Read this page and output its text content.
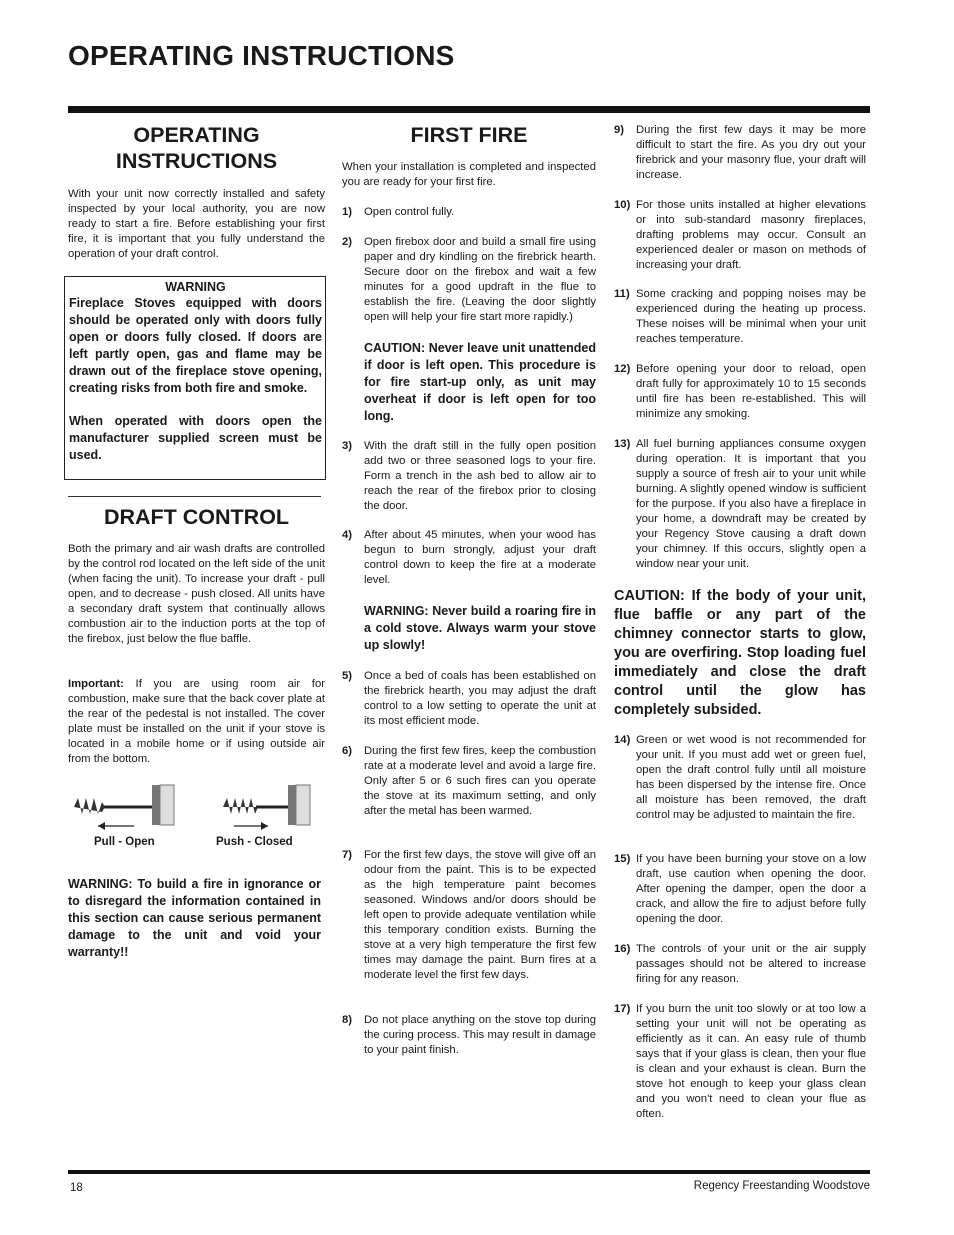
OPERATING INSTRUCTIONS
OPERATING INSTRUCTIONS

With your unit now correctly installed and safety inspected by your local authority, you are now ready to start a fire. Before establishing your first fire, it is important that you fully understand the operation of your draft control.

WARNING

Fireplace Stoves equipped with doors should be operated only with doors fully open or doors fully closed. If doors are left partly open, gas and flame may be drawn out of the fireplace stove opening, creating risks from both fire and smoke.

When operated with doors open the manufacturer supplied screen must be used.

DRAFT CONTROL

Both the primary and air wash drafts are controlled by the control rod located on the left side of the unit (when facing the unit). To increase your draft - pull open, and to decrease - push closed. All units have a secondary draft system that continually allows combustion air to the induction ports at the top of the firebox, just below the flue baffle.

Important: If you are using room air for combustion, make sure that the back cover plate at the rear of the pedestal is not installed. The cover plate must be installed on the unit if your stove is located in a mobile home or if using outside air from the bottom.

Pull - Open	Push - Closed

WARNING: To build a fire in ignorance or to disregard the information contained in this section can cause serious permanent damage to the unit and void your warranty!!

FIRST FIRE

When your installation is completed and inspected you are ready for your first fire.

1) Open control fully.

2) Open firebox door and build a small fire using paper and dry kindling on the firebrick hearth. Secure door on the firebox and wait a few minutes for a good updraft in the flue to establish the fire. (Leaving the door slightly open will help your fire start more rapidly.)

CAUTION: Never leave unit unattended if door is left open. This procedure is for fire start-up only, as unit may overheat if door is left open for too long.

3) With the draft still in the fully open position add two or three seasoned logs to your fire. Form a trench in the ash bed to allow air to reach the rear of the firebox prior to closing the door.

4) After about 45 minutes, when your wood has begun to burn strongly, adjust your draft control down to keep the fire at a moderate level.

WARNING: Never build a roaring fire in a cold stove. Always warm your stove up slowly!

5) Once a bed of coals has been established on the firebrick hearth, you may adjust the draft control to a low setting to operate the unit at its most efficient mode.

6) During the first few fires, keep the combustion rate at a moderate level and avoid a large fire. Only after 5 or 6 such fires can you operate the stove at its maximum setting, and only after the metal has been warmed.

7) For the first few days, the stove will give off an odour from the paint. This is to be expected as the high temperature paint becomes seasoned. Windows and/or doors should be left open to provide adequate ventilation while this temporary condition exists. Burning the stove at a very high temperature the first few times may damage the paint. Burn fires at a moderate level the first few days.

8) Do not place anything on the stove top during the curing process. This may result in damage to your paint finish.

9) During the first few days it may be more difficult to start the fire. As you dry out your firebrick and your masonry flue, your draft will increase.

10) For those units installed at higher elevations or into sub-standard masonry fireplaces, drafting problems may occur. Consult an experienced dealer or mason on methods of increasing your draft.

11) Some cracking and popping noises may be experienced during the heating up process. These noises will be minimal when your unit reaches temperature.

12) Before opening your door to reload, open draft fully for approximately 10 to 15 seconds until fire has been re-established. This will minimize any smoking.

13) All fuel burning appliances consume oxygen during operation. It is important that you supply a source of fresh air to your unit while burning. A slightly opened window is sufficient for the purpose. If you also have a fireplace in your home, a downdraft may be created by your Regency Stove causing a draft down your chimney. If this occurs, slightly open a window near your unit.

CAUTION: If the body of your unit, flue baffle or any part of the chimney connector starts to glow, you are overfiring. Stop loading fuel immediately and close the draft control until the glow has completely subsided.

14) Green or wet wood is not recommended for your unit. If you must add wet or green fuel, open the draft control fully until all moisture has been dispersed by the intense fire. Once all moisture has been removed, the draft control may be adjusted to maintain the fire.

15) If you have been burning your stove on a low draft, use caution when opening the door. After opening the damper, open the door a crack, and allow the fire to adjust before fully opening the door.

16) The controls of your unit or the air supply passages should not be altered to increase firing for any reason.

17) If you burn the unit too slowly or at too low a setting your unit will not be operating as efficiently as it can. An easy rule of thumb says that if your glass is clean, then your flue is clean and your exhaust is clean. Burn the stove hot enough to keep your glass clean and you won't need to clean your flue as often.

18	Regency Freestanding Woodstove
